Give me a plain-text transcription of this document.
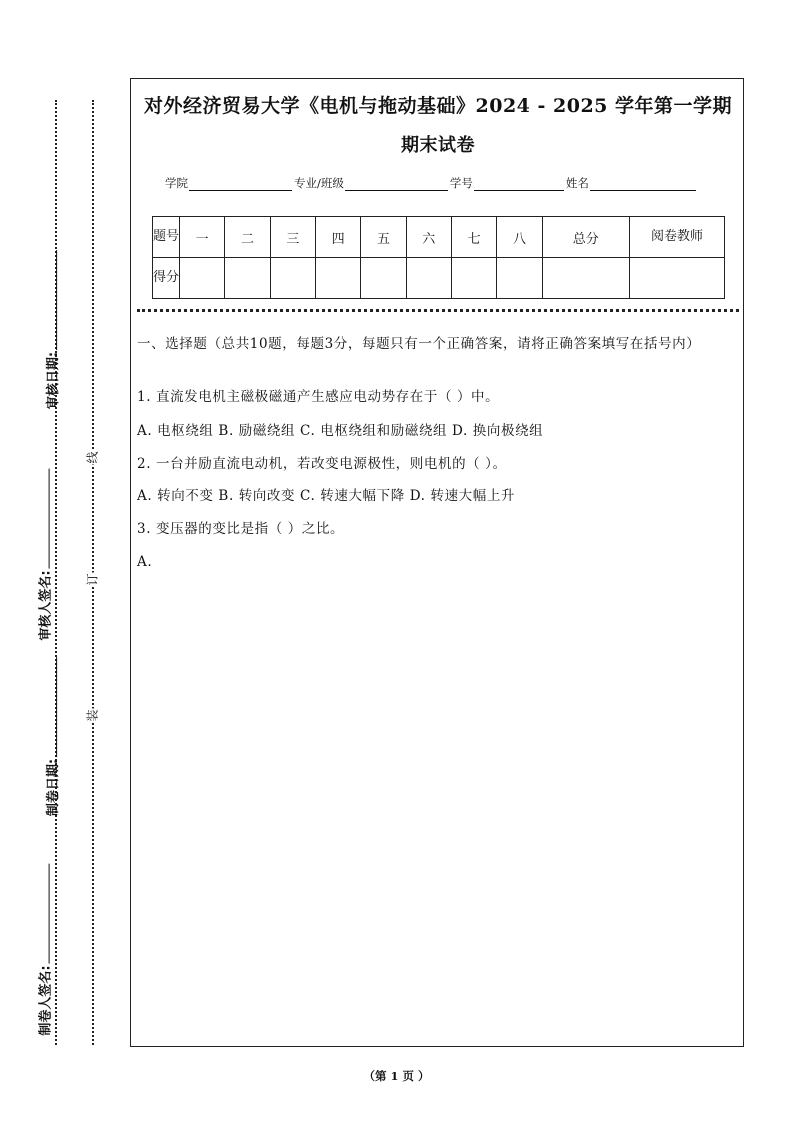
审核日期:
审核人签名:
制卷日期:
制卷人签名:
线
订
装
对外经济贸易大学《电机与拖动基础》2024 - 2025 学年第一学期
期末试卷
学院	专业/班级	学号	姓名
题号	一	二	三	四	五	六	七	八	总分	阅卷教师
得分										
一、选择题（总共10题，每题3分，每题只有一个正确答案，请将正确答案填写在括号内）
1. 直流发电机主磁极磁通产生感应电动势存在于（ ）中。
A. 电枢绕组 B. 励磁绕组 C. 电枢绕组和励磁绕组 D. 换向极绕组
2. 一台并励直流电动机，若改变电源极性，则电机的（ ）。
A. 转向不变 B. 转向改变 C. 转速大幅下降 D. 转速大幅上升
3. 变压器的变比是指（ ）之比。
A.
（第 1 页 ）
